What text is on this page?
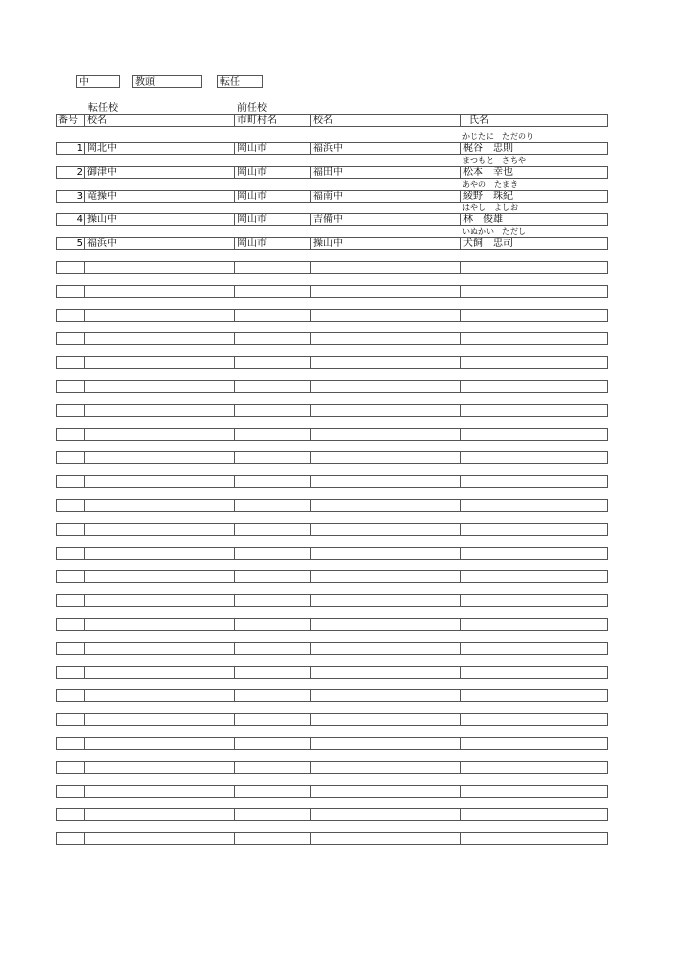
中	教頭	転任
転任校	前任校
番号 校名	市町村名	校名	氏名
1 岡北中	岡山市	福浜中	梶谷　忠則
かじたに　ただのり
2 御津中	岡山市	福田中	松本　幸也
まつもと　さちや
3 竜操中	岡山市	福南中	綾野　珠紀
あやの　たまき
4 操山中	岡山市	吉備中	林　俊雄
はやし　よしお
5 福浜中	岡山市	操山中	犬飼　忠司
いぬかい　ただし
